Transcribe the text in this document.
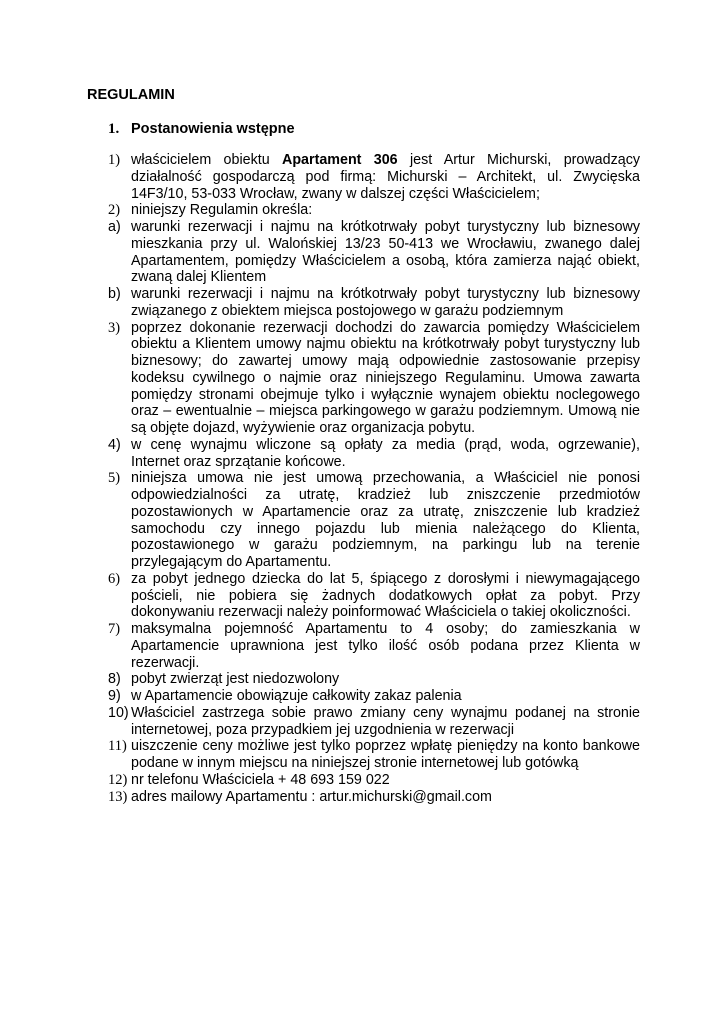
REGULAMIN
1. Postanowienia wstępne
1) właścicielem obiektu Apartament 306 jest Artur Michurski, prowadzący działalność gospodarczą pod firmą: Michurski – Architekt, ul. Zwycięska 14F3/10, 53-033 Wrocław, zwany w dalszej części Właścicielem;
2) niniejszy Regulamin określa:
a) warunki rezerwacji i najmu na krótkotrwały pobyt turystyczny lub biznesowy mieszkania przy ul. Walońskiej 13/23 50-413 we Wrocławiu, zwanego dalej Apartamentem, pomiędzy Właścicielem a osobą, która zamierza nająć obiekt, zwaną dalej Klientem
b) warunki rezerwacji i najmu na krótkotrwały pobyt turystyczny lub biznesowy związanego z obiektem miejsca postojowego w garażu podziemnym
3) poprzez dokonanie rezerwacji dochodzi do zawarcia pomiędzy Właścicielem obiektu a Klientem umowy najmu obiektu na krótkotrwały pobyt turystyczny lub biznesowy; do zawartej umowy mają odpowiednie zastosowanie przepisy kodeksu cywilnego o najmie oraz niniejszego Regulaminu. Umowa zawarta pomiędzy stronami obejmuje tylko i wyłącznie wynajem obiektu noclegowego oraz – ewentualnie – miejsca parkingowego w garażu podziemnym. Umową nie są objęte dojazd, wyżywienie oraz organizacja pobytu.
4) w cenę wynajmu wliczone są opłaty za media (prąd, woda, ogrzewanie), Internet oraz sprzątanie końcowe.
5) niniejsza umowa nie jest umową przechowania, a Właściciel nie ponosi odpowiedzialności za utratę, kradzież lub zniszczenie przedmiotów pozostawionych w Apartamencie oraz za utratę, zniszczenie lub kradzież samochodu czy innego pojazdu lub mienia należącego do Klienta, pozostawionego w garażu podziemnym, na parkingu lub na terenie przylegającym do Apartamentu.
6) za pobyt jednego dziecka do lat 5, śpiącego z dorosłymi i niewymagającego pościeli, nie pobiera się żadnych dodatkowych opłat za pobyt. Przy dokonywaniu rezerwacji należy poinformować Właściciela o takiej okoliczności.
7) maksymalna pojemność Apartamentu to 4 osoby; do zamieszkania w Apartamencie uprawniona jest tylko ilość osób podana przez Klienta w rezerwacji.
8) pobyt zwierząt jest niedozwolony
9) w Apartamencie obowiązuje całkowity zakaz palenia
10) Właściciel zastrzega sobie prawo zmiany ceny wynajmu podanej na stronie internetowej, poza przypadkiem jej uzgodnienia w rezerwacji
11) uiszczenie ceny możliwe jest tylko poprzez wpłatę pieniędzy na konto bankowe podane w innym miejscu na niniejszej stronie internetowej lub gotówką
12) nr telefonu Właściciela + 48 693 159 022
13) adres mailowy Apartamentu : artur.michurski@gmail.com
